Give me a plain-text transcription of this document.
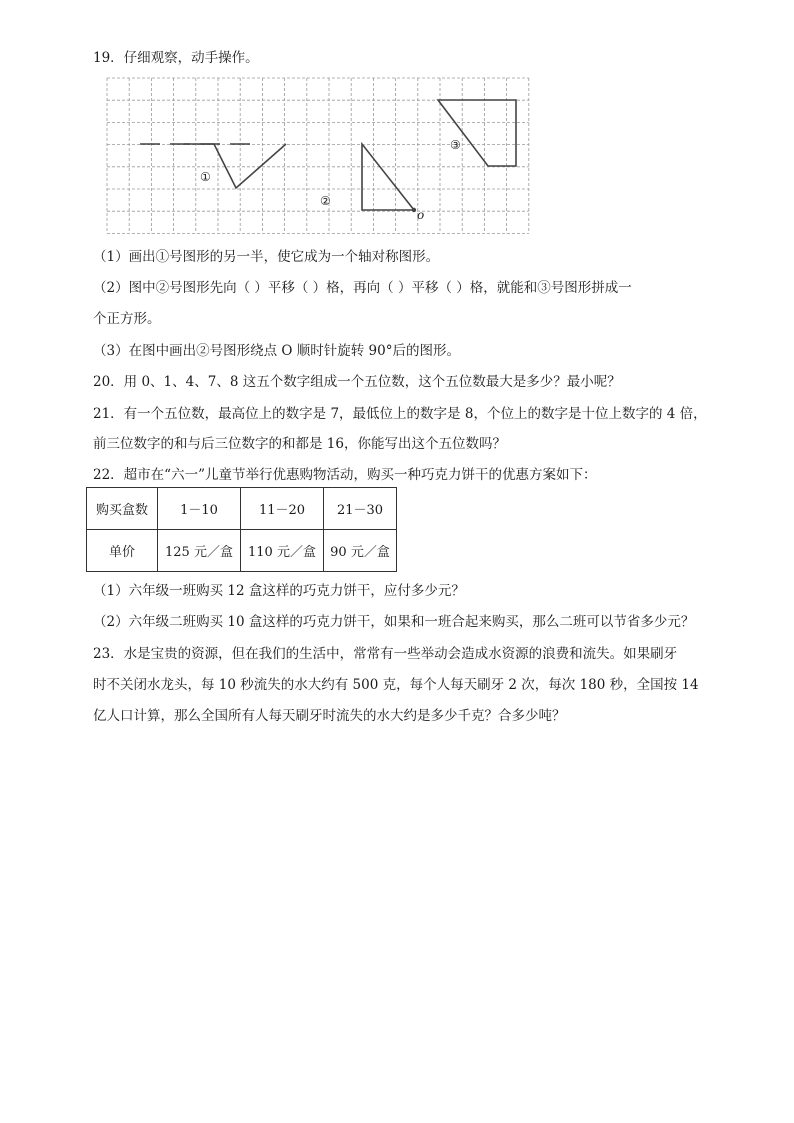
19．仔细观察，动手操作。
①
②
③
o
（1）画出①号图形的另一半，使它成为一个轴对称图形。
（2）图中②号图形先向（ ）平移（ ）格，再向（ ）平移（ ）格，就能和③号图形拼成一
个正方形。
（3）在图中画出②号图形绕点 O 顺时针旋转 90°后的图形。
20．用 0、1、4、7、8 这五个数字组成一个五位数，这个五位数最大是多少？最小呢？
21．有一个五位数，最高位上的数字是 7，最低位上的数字是 8，个位上的数字是十位上数字的 4 倍，
前三位数字的和与后三位数字的和都是 16，你能写出这个五位数吗？
22．超市在“六一”儿童节举行优惠购物活动，购买一种巧克力饼干的优惠方案如下：
购买盒数	1－10	11－20	21－30
单价	125 元／盒	110 元／盒	90 元／盒
（1）六年级一班购买 12 盒这样的巧克力饼干，应付多少元？
（2）六年级二班购买 10 盒这样的巧克力饼干，如果和一班合起来购买，那么二班可以节省多少元？
23．水是宝贵的资源，但在我们的生活中，常常有一些举动会造成水资源的浪费和流失。如果刷牙
时不关闭水龙头，每 10 秒流失的水大约有 500 克，每个人每天刷牙 2 次，每次 180 秒，全国按 14
亿人口计算，那么全国所有人每天刷牙时流失的水大约是多少千克？合多少吨？
